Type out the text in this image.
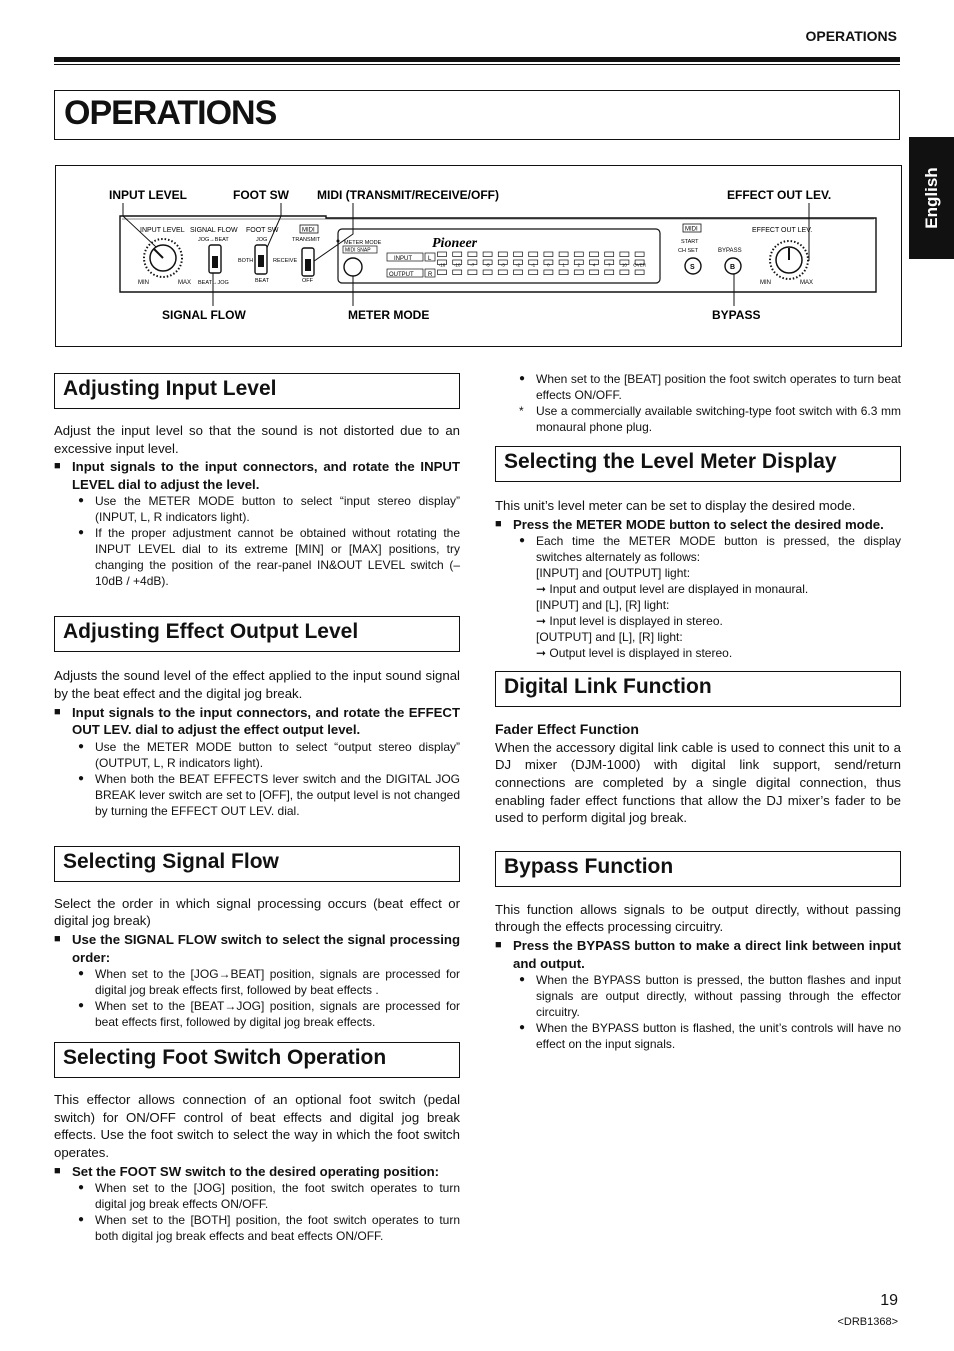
OPERATIONS
OPERATIONS
English
INPUT LEVEL	FOOT SW MIDI (TRANSMIT/RECEIVE/OFF)	EFFECT OUT LEV.
SIGNAL FLOW	METER MODE	BYPASS
INPUT LEVEL
MIN	MAX
SIGNAL FLOW
JOG→BEAT
BEAT→JOG
FOOT SW
JOG
BOTH
BEAT
MIDI
TRANSMIT
RECEIVE
OFF
METER MODE
MIDI SNAP	Pioneer
INPUT	L
OUTPUT R
-16 -10 -7 -5 -3 -2 -1	0	1	2	4	7	10 OVER
MIDI
START
CH SET	BYPASS
S	B
EFFECT OUT LEV.
MIN	MAX
Adjusting Input Level

Adjust the input level so that the sound is not distorted due to an excessive input level.

■ Input signals to the input connectors, and rotate the INPUT LEVEL dial to adjust the level.
● Use the METER MODE button to select “input stereo display” (INPUT, L, R indicators light).
● If the proper adjustment cannot be obtained without rotating the INPUT LEVEL dial to its extreme [MIN] or [MAX] positions, try changing the position of the rear-panel IN&OUT LEVEL switch (–10dB / +4dB).
Adjusting Effect Output Level

Adjusts the sound level of the effect applied to the input sound signal by the beat effect and the digital jog break.

■ Input signals to the input connectors, and rotate the EFFECT OUT LEV. dial to adjust the effect output level.
● Use the METER MODE button to select “output stereo display” (OUTPUT, L, R indicators light).
● When both the BEAT EFFECTS lever switch and the DIGITAL JOG BREAK lever switch are set to [OFF], the output level is not changed by turning the EFFECT OUT LEV. dial.
Selecting Signal Flow

Select the order in which signal processing occurs (beat effect or digital jog break)

■ Use the SIGNAL FLOW switch to select the signal processing order:
● When set to the [JOG→BEAT] position, signals are processed for digital jog break effects first, followed by beat effects .
● When set to the [BEAT→JOG] position, signals are processed for beat effects first, followed by digital jog break effects.
Selecting Foot Switch Operation

This effector allows connection of an optional foot switch (pedal switch) for ON/OFF control of beat effects and digital jog break effects. Use the foot switch to select the way in which the foot switch operates.

■ Set the FOOT SW switch to the desired operating position:
● When set to the [JOG] position, the foot switch operates to turn digital jog break effects ON/OFF.
● When set to the [BOTH] position, the foot switch operates to turn both digital jog break effects and beat effects ON/OFF.
● When set to the [BEAT] position the foot switch operates to turn beat effects ON/OFF.
*	Use a commercially available switching-type foot switch with 6.3 mm monaural phone plug.
Selecting the Level Meter Display

This unit’s level meter can be set to display the desired mode.

■ Press the METER MODE button to select the desired mode.
● Each time the METER MODE button is pressed, the display switches alternately as follows:
[INPUT] and [OUTPUT] light:
➞ Input and output level are displayed in monaural.
[INPUT] and [L], [R] light:
➞ Input level is displayed in stereo.
[OUTPUT] and [L], [R] light:
➞ Output level is displayed in stereo.
Digital Link Function
Fader Effect Function

When the accessory digital link cable is used to connect this unit to a DJ mixer (DJM-1000) with digital link support, send/return connections are completed by a single digital connection, thus enabling fader effect functions that allow the DJ mixer’s fader to be used to perform digital jog break.

Bypass Function

This function allows signals to be output directly, without passing through the effects processing circuitry.

■ Press the BYPASS button to make a direct link between input and output.
● When the BYPASS button is pressed, the button flashes and input signals are output directly, without passing through the effector circuitry.
● When the BYPASS button is flashed, the unit’s controls will have no effect on the input signals.
19
<DRB1368>
